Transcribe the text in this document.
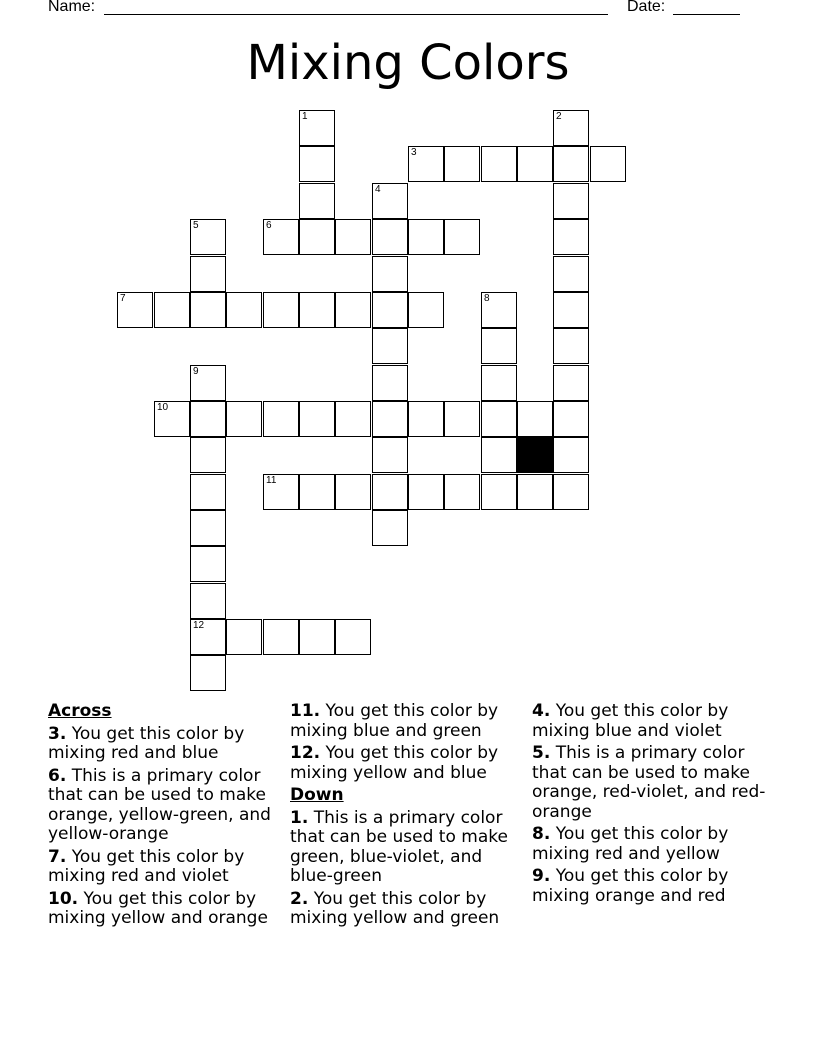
Name:	Date:
Mixing Colors
1	2
3
4
5	6
7	8
9
12
10
11
Across
3. You get this color by mixing red and blue
6. This is a primary color that can be used to make orange, yellow-green, and yellow-orange
7. You get this color by mixing red and violet
10. You get this color by mixing yellow and orange
11. You get this color by mixing blue and green
12. You get this color by mixing yellow and blue
Down
1. This is a primary color that can be used to make green, blue-violet, and blue-green
2. You get this color by mixing yellow and green
4. You get this color by mixing blue and violet
5. This is a primary color that can be used to make orange, red-violet, and red-orange
8. You get this color by mixing red and yellow
9. You get this color by mixing orange and red
